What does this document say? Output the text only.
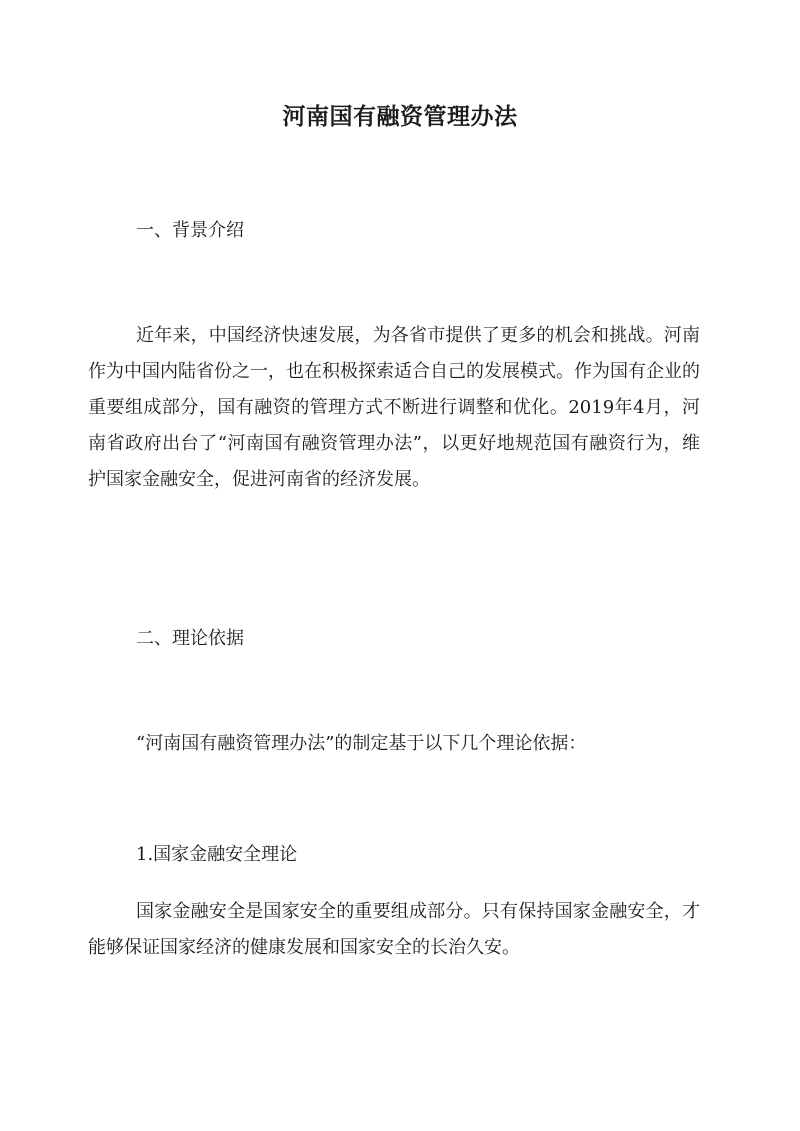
河南国有融资管理办法

一、背景介绍

近年来，中国经济快速发展，为各省市提供了更多的机会和挑战。河南作为中国内陆省份之一，也在积极探索适合自己的发展模式。作为国有企业的重要组成部分，国有融资的管理方式不断进行调整和优化。2019年4月，河南省政府出台了“河南国有融资管理办法”，以更好地规范国有融资行为，维护国家金融安全，促进河南省的经济发展。

二、理论依据

“河南国有融资管理办法”的制定基于以下几个理论依据：

1.国家金融安全理论

国家金融安全是国家安全的重要组成部分。只有保持国家金融安全，才能够保证国家经济的健康发展和国家安全的长治久安。
